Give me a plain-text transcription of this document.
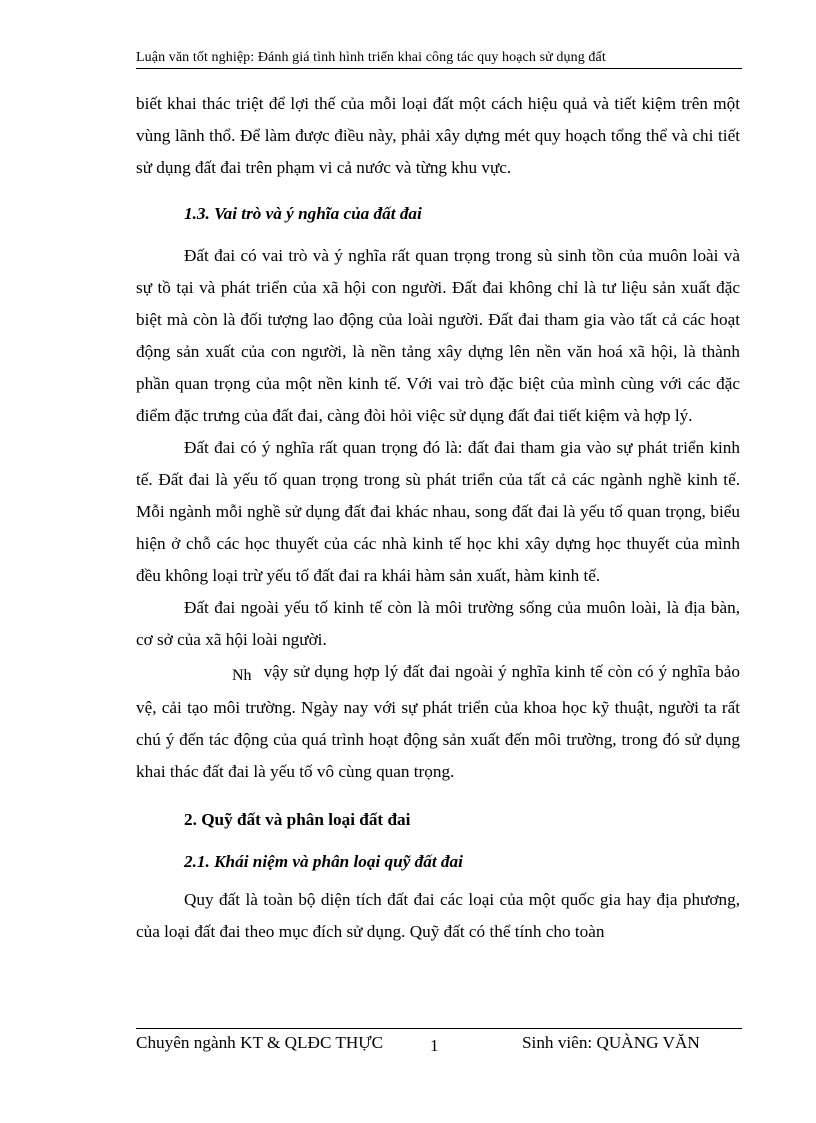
Luận văn tốt nghiệp: Đánh giá tình hình triển khai công tác quy hoạch sử dụng đất

biết khai thác triệt để lợi thế của mỗi loại đất một cách hiệu quả và tiết kiệm trên một vùng lãnh thổ. Để làm được điều này, phải xây dựng mét quy hoạch tổng thể và chi tiết sử dụng đất đai trên phạm vi cả nước và từng khu vực.

1.3. Vai trò và ý nghĩa của đất đai

Đất đai có vai trò và ý nghĩa rất quan trọng trong sù sinh tồn của muôn loài và sự tồ tại và phát triển của xã hội con người. Đất đai không chỉ là tư liệu sản xuất đặc biệt mà còn là đối tượng lao động của loài người. Đất đai tham gia vào tất cả các hoạt động sản xuất của con người, là nền tảng xây dựng lên nền văn hoá xã hội, là thành phần quan trọng của một nền kinh tế. Với vai trò đặc biệt của mình cùng với các đặc điểm đặc trưng của đất đai, càng đòi hỏi việc sử dụng đất đai tiết kiệm và hợp lý.

Đất đai có ý nghĩa rất quan trọng đó là: đất đai tham gia vào sự phát triển kinh tế. Đất đai là yếu tố quan trọng trong sù phát triển của tất cả các ngành nghề kinh tế. Mỗi ngành mỗi nghề sử dụng đất đai khác nhau, song đất đai là yếu tố quan trọng, biểu hiện ở chỗ các học thuyết của các nhà kinh tế học khi xây dựng học thuyết của mình đều không loại trừ yếu tố đất đai ra khái hàm sản xuất, hàm kinh tế.

Đất đai ngoài yếu tố kinh tế còn là môi trường sống của muôn loài, là địa bàn, cơ sở của xã hội loài người.

Nh vậy sử dụng hợp lý đất đai ngoài ý nghĩa kinh tế còn có ý nghĩa bảo vệ, cải tạo môi trường. Ngày nay với sự phát triển của khoa học kỹ thuật, người ta rất chú ý đến tác động của quá trình hoạt động sản xuất đến môi trường, trong đó sử dụng khai thác đất đai là yếu tố vô cùng quan trọng.

2. Quỹ đất và phân loại đất đai
2.1. Khái niệm và phân loại quỹ đất đai

Quy đất là toàn bộ diện tích đất đai các loại của một quốc gia hay địa phương, của loại đất đai theo mục đích sử dụng. Quỹ đất có thể tính cho toàn

Chuyên ngành KT & QLĐC THỰC	1	Sinh viên: QUÀNG VĂN
